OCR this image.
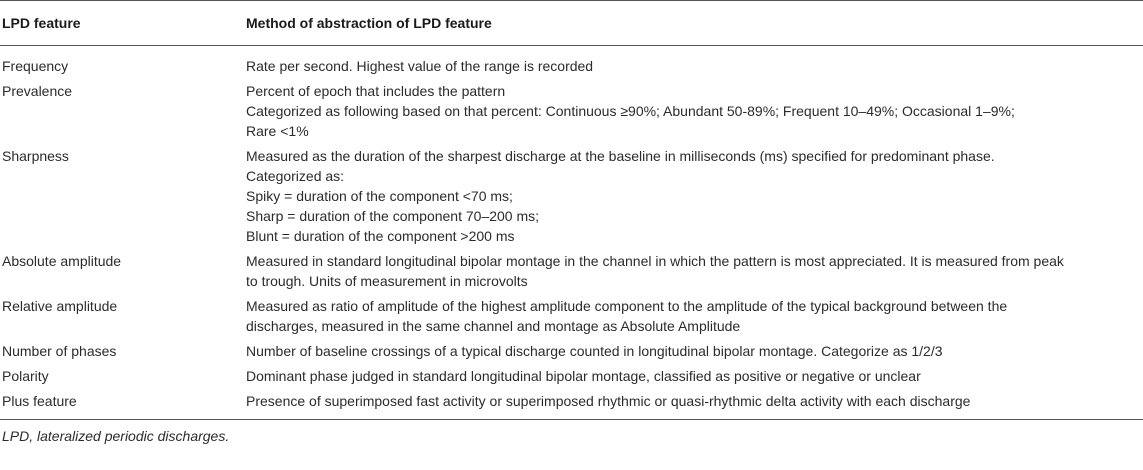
LPD feature	Method of abstraction of LPD feature

Frequency	Rate per second. Highest value of the range is recorded

Prevalence	Percent of epoch that includes the pattern
Categorized as following based on that percent: Continuous ≥90%; Abundant 50-89%; Frequent 10–49%; Occasional 1–9%;
Rare <1%

Sharpness	Measured as the duration of the sharpest discharge at the baseline in milliseconds (ms) specified for predominant phase.
Categorized as:
Spiky = duration of the component <70 ms;
Sharp = duration of the component 70–200 ms;
Blunt = duration of the component >200 ms

Absolute amplitude	Measured in standard longitudinal bipolar montage in the channel in which the pattern is most appreciated. It is measured from peak
to trough. Units of measurement in microvolts

Relative amplitude	Measured as ratio of amplitude of the highest amplitude component to the amplitude of the typical background between the
discharges, measured in the same channel and montage as Absolute Amplitude

Number of phases	Number of baseline crossings of a typical discharge counted in longitudinal bipolar montage. Categorize as 1/2/3

Polarity	Dominant phase judged in standard longitudinal bipolar montage, classified as positive or negative or unclear

Plus feature	Presence of superimposed fast activity or superimposed rhythmic or quasi-rhythmic delta activity with each discharge
LPD, lateralized periodic discharges.
